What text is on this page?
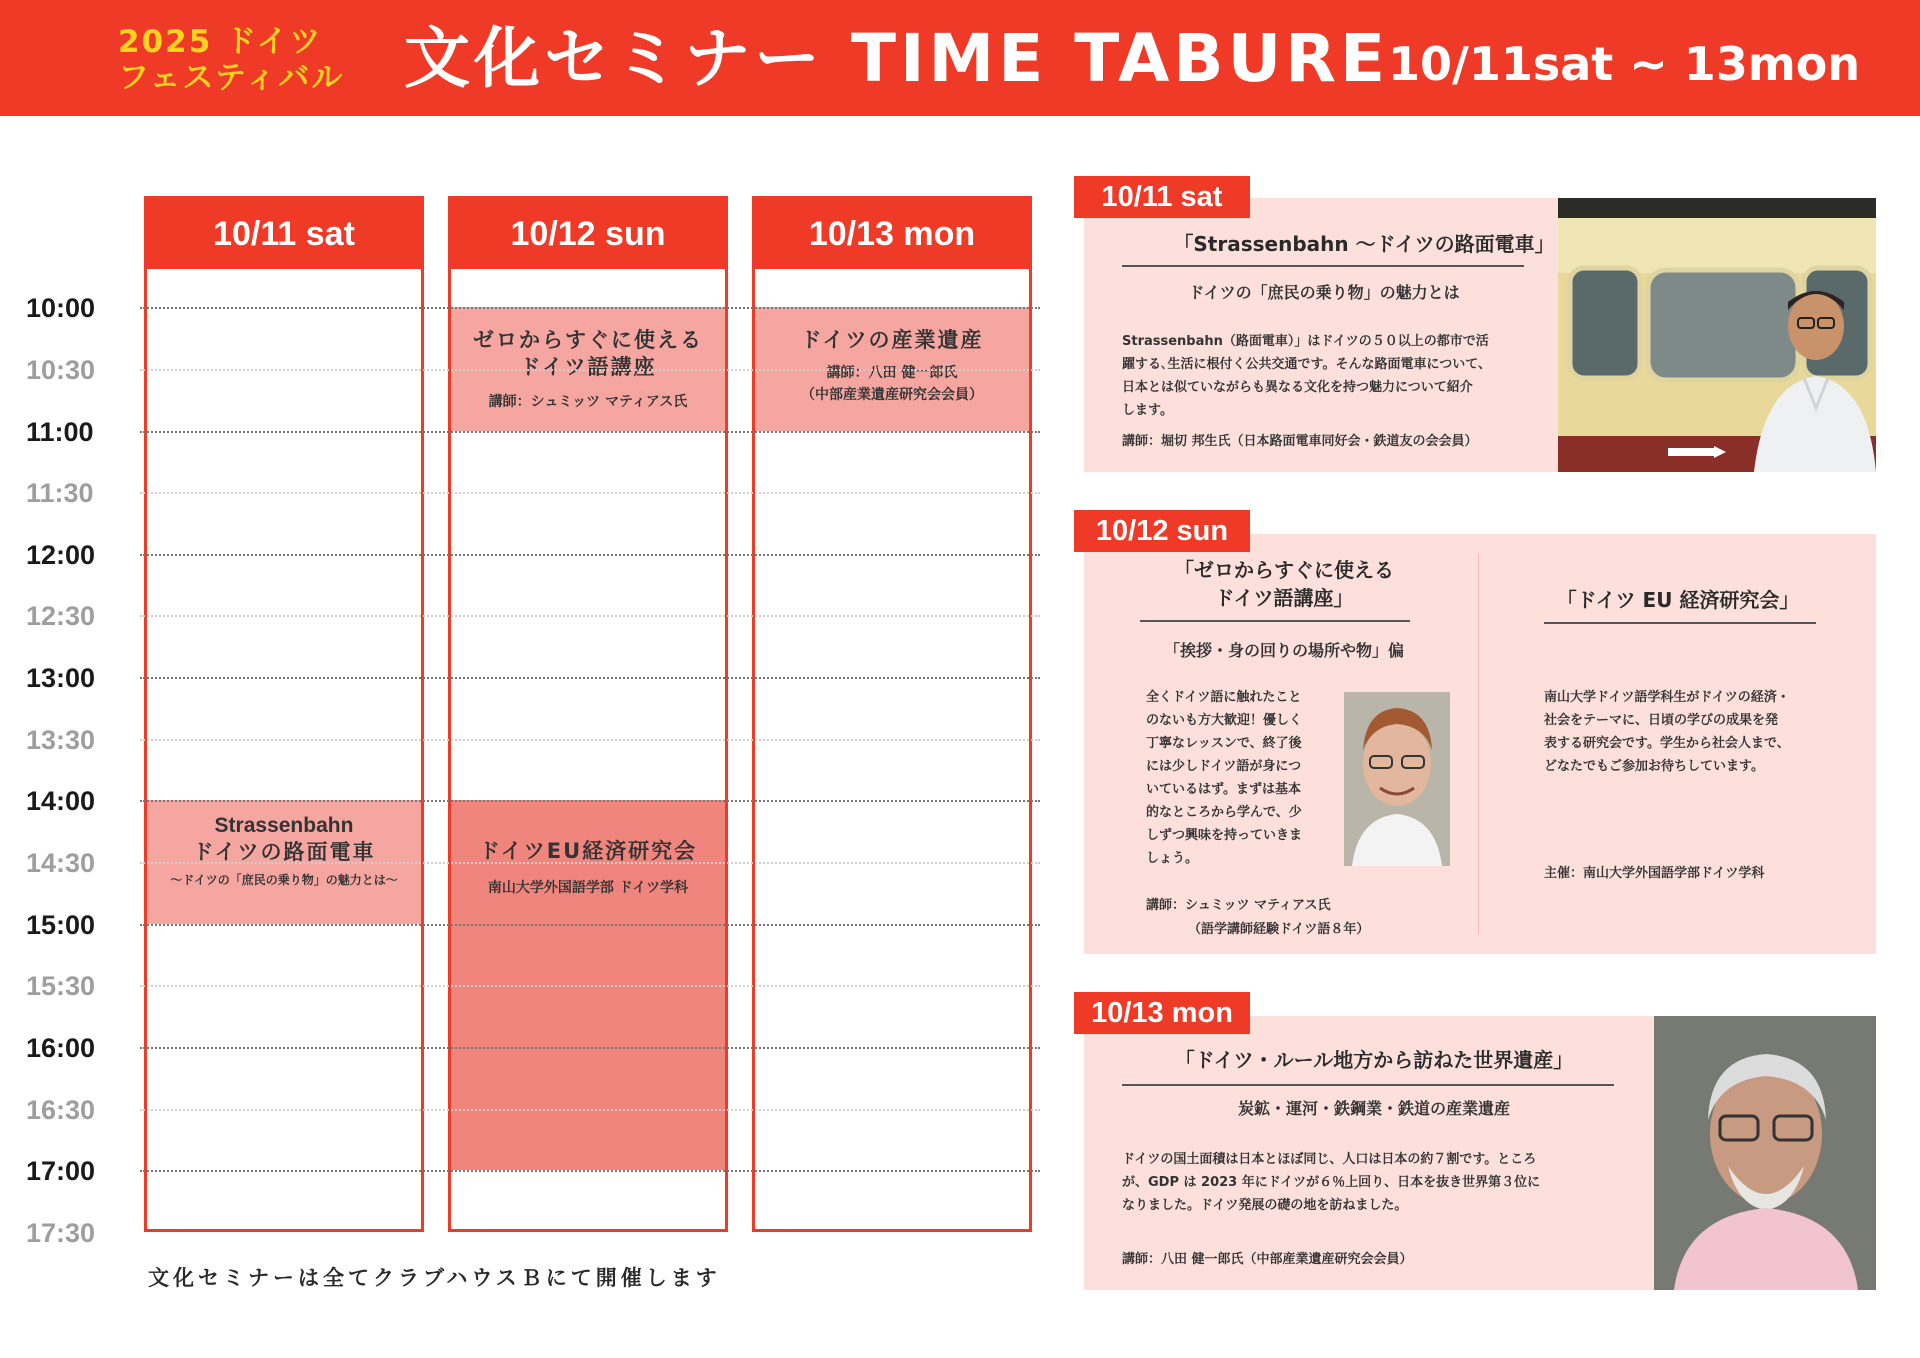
2025 ドイツ
フェスティバル 文化セミナー TIME TABURE
10/11sat ~ 13mon
10:00
10:30
11:00
11:30
12:00
12:30
13:00
13:30
14:00
14:30
15:00
15:30
16:00
16:30
17:00
17:30
10/11 sat	10/12 sun	10/13 mon
Strassenbahn
ドイツの路面電車
～ドイツの「庶民の乗り物」の魅力とは～
ゼロからすぐに使える
ドイツ語講座
講師：シュミッツ マティアス氏
ドイツEU経済研究会
南山大学外国語学部 ドイツ学科
ドイツの産業遺産
講師：八田 健一郎氏
（中部産業遺産研究会会員）
文化セミナーは全てクラブハウスＢにて開催します
「Strassenbahn ～ドイツの路面電車」
ドイツの「庶民の乗り物」の魅力とは
Strassenbahn（路面電車）」はドイツの５０以上の都市で活
躍する､生活に根付く公共交通です。そんな路面電車について、
日本とは似ていながらも異なる文化を持つ魅力について紹介
します。
講師：堀切 邦生氏（日本路面電車同好会・鉄道友の会会員）
10/11 sat
「ゼロからすぐに使える
ドイツ語講座」
「挨拶・身の回りの場所や物」偏
全くドイツ語に触れたこと
のないも方大歓迎！優しく
丁寧なレッスンで、終了後
には少しドイツ語が身につ
いているはず。まずは基本
的なところから学んで、少
しずつ興味を持っていきま
しょう。
講師：シュミッツ マティアス氏
（語学講師経験ドイツ語８年）
「ドイツ EU 経済研究会」
南山大学ドイツ語学科生がドイツの経済・
社会をテーマに、日頃の学びの成果を発
表する研究会です。学生から社会人まで、
どなたでもご参加お待ちしています。
主催：南山大学外国語学部ドイツ学科
10/12 sun
「ドイツ・ルール地方から訪ねた世界遺産」
炭鉱・運河・鉄鋼業・鉄道の産業遺産
ドイツの国土面積は日本とほぼ同じ、人口は日本の約７割です。ところ
が、GDP は 2023 年にドイツが６％上回り、日本を抜き世界第３位に
なりました。ドイツ発展の礎の地を訪ねました。
講師：八田 健一郎氏（中部産業遺産研究会会員）
10/13 mon
